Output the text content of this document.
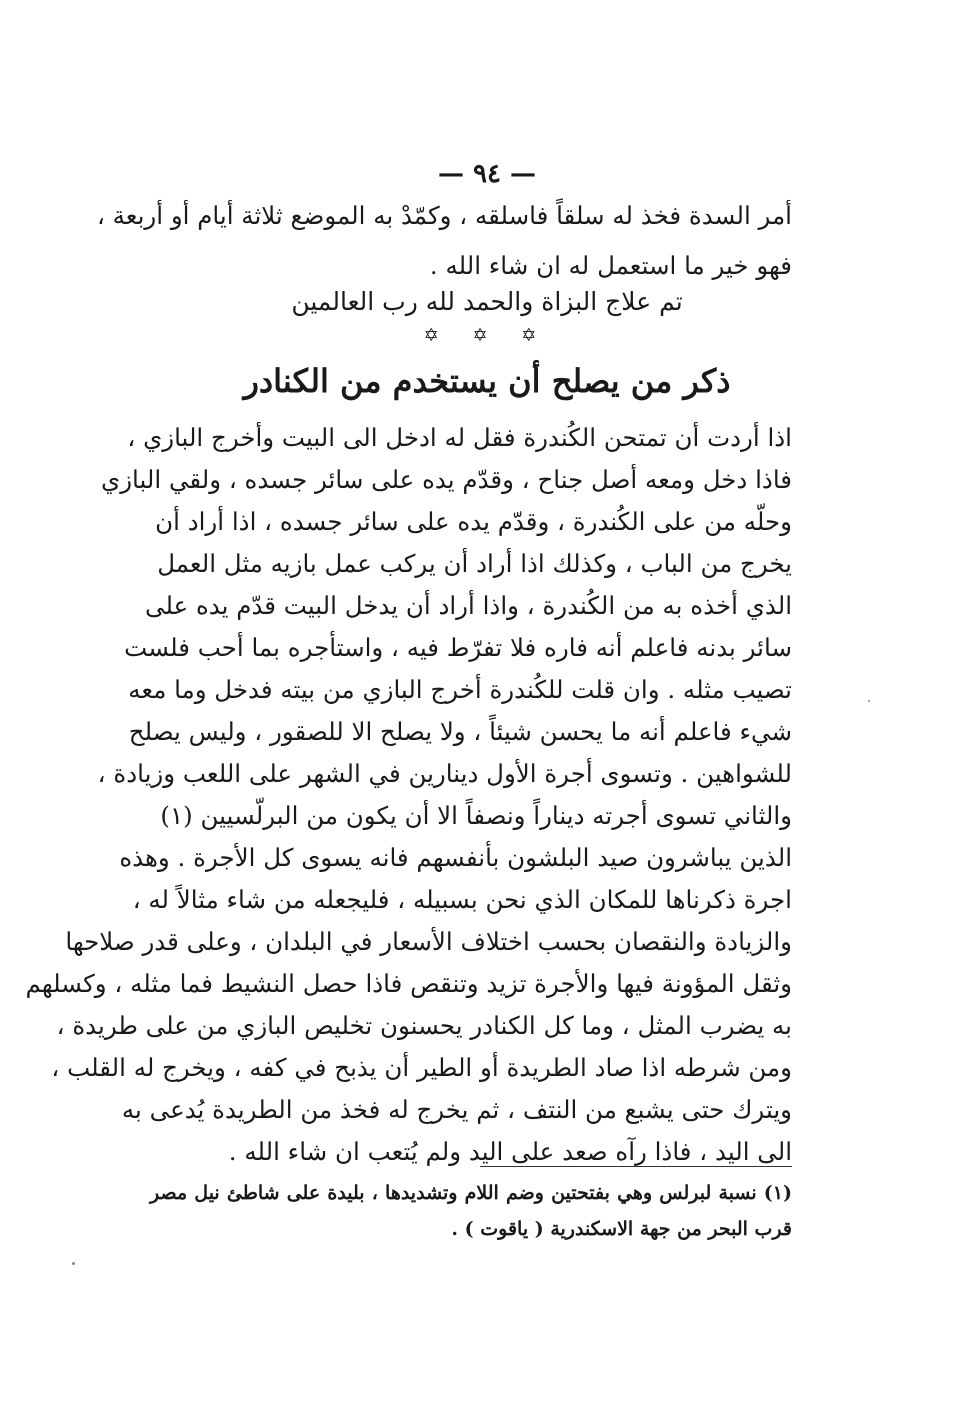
— ٩٤ —
أمر السدة فخذ له سلقاً فاسلقه ، وكمّدْ به الموضع ثلاثة أيام أو أربعة ،
فهو خير ما استعمل له ان شاء الله .
تم علاج البزاة والحمد لله رب العالمين
✡ ✡ ✡
ذكر من يصلح أن يستخدم من الكنادر
اذا أردت أن تمتحن الكُندرة فقل له ادخل الى البيت وأخرج البازي ،
فاذا دخل ومعه أصل جناح ، وقدّم يده على سائر جسده ، ولقي البازي
وحلّه من على الكُندرة ، وقدّم يده على سائر جسده ، اذا أراد أن
يخرج من الباب ، وكذلك اذا أراد أن يركب عمل بازيه مثل العمل
الذي أخذه به من الكُندرة ، واذا أراد أن يدخل البيت قدّم يده على
سائر بدنه فاعلم أنه فاره فلا تفرّط فيه ، واستأجره بما أحب فلست
تصيب مثله . وان قلت للكُندرة أخرج البازي من بيته فدخل وما معه
شيء فاعلم أنه ما يحسن شيئاً ، ولا يصلح الا للصقور ، وليس يصلح
للشواهين . وتسوى أجرة الأول دينارين في الشهر على اللعب وزيادة ،
والثاني تسوى أجرته ديناراً ونصفاً الا أن يكون من البرلّسيين (١)
الذين يباشرون صيد البلشون بأنفسهم فانه يسوى كل الأجرة . وهذه
اجرة ذكرناها للمكان الذي نحن بسبيله ، فليجعله من شاء مثالاً له ،
والزيادة والنقصان بحسب اختلاف الأسعار في البلدان ، وعلى قدر صلاحها
وثقل المؤونة فيها والأجرة تزيد وتنقص فاذا حصل النشيط فما مثله ، وكسلهم
به يضرب المثل ، وما كل الكنادر يحسنون تخليص البازي من على طريدة ،
ومن شرطه اذا صاد الطريدة أو الطير أن يذبح في كفه ، ويخرج له القلب ،
ويترك حتى يشبع من النتف ، ثم يخرج له فخذ من الطريدة يُدعى به
الى اليد ، فاذا رآه صعد على اليد ولم يُتعب ان شاء الله .
(١) نسبة لبرلس وهي بفتحتين وضم اللام وتشديدها ، بليدة على شاطئ نيل مصر
قرب البحر من جهة الاسكندرية ( ياقوت ) .
